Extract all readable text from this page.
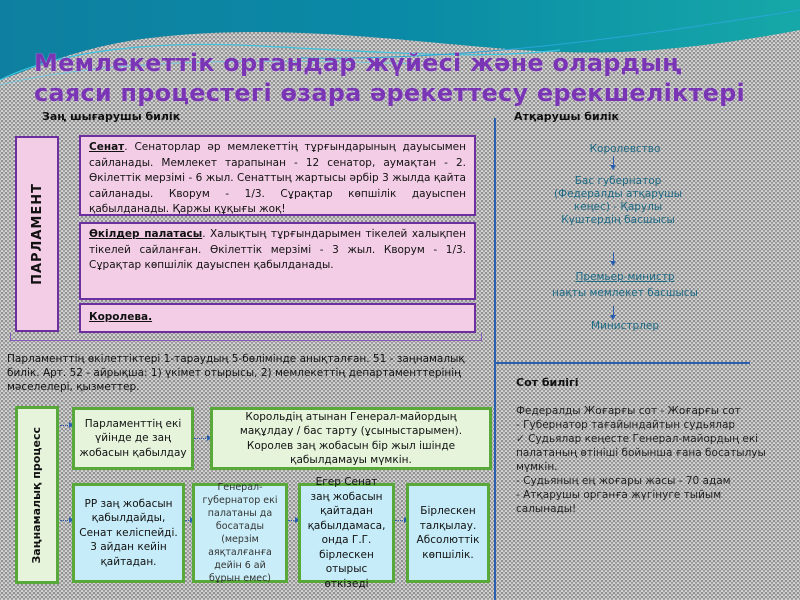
Мемлекеттік органдар жүйесі және олардың саяси процестегі өзара әрекеттесу ерекшеліктері
Заң шығарушы билік	Атқарушы билік
ПАРЛАМЕНТ
Сенат. Сенаторлар әр мемлекеттің тұрғындарының дауысымен сайланады. Мемлекет тарапынан - 12 сенатор, аумақтан - 2. Өкілеттік мерзімі - 6 жыл. Сенаттың жартысы әрбір 3 жылда қайта сайланады. Кворум - 1/3. Сұрақтар көпшілік дауыспен қабылданады. Қаржы құқығы жоқ!
Өкілдер палатасы. Халықтың тұрғындарымен тікелей халықпен тікелей сайланған. Өкілеттік мерзімі - 3 жыл. Кворум - 1/3. Сұрақтар көпшілік дауыспен қабылданады.
Королева.
Парламенттің өкілеттіктері 1-тараудың 5-бөлімінде анықталған. 51 - заңнамалық билік. Арт. 52 - айрықша: 1) үкімет отырысы, 2) мемлекеттің департаменттерінің мәселелері, қызметтер.
Заңнамалық процесс
Парламенттің екі үйінде де заң жобасын қабылдау
Корольдің атынан Генерал-майордың мақұлдау / бас тарту (ұсыныстарымен). Королев заң жобасын бір жыл ішінде қабылдамауы мүмкін.
РР заң жобасын қабылдайды, Сенат келіспейді. 3 айдан кейін қайтадан.
Генерал-губернатор екі палатаны да босатады (мерзім аяқталғанға дейін 6 ай бұрын емес)
Егер Сенат заң жобасын қайтадан қабылдамаса, онда Г.Г. бірлескен отырыс өткізеді
Бірлескен талқылау. Абсолюттік көпшілік.
Королевство
Бас губернатор (Федералды атқарушы кеңес) - Қарулы Күштердің басшысы
Премьер-министр
нақты мемлекет басшысы
Министрлер
Сот билігі
Федералды Жоғарғы сот - Жоғарғы сот
- Губернатор тағайындайтын судьялар
✓ Судьялар кеңесте Генерал-майордың екі палатаның өтініші бойынша ғана босатылуы мүмкін.
- Судьяның ең жоғары жасы - 70 адам
- Атқарушы органға жүгінуге тыйым салынады!
